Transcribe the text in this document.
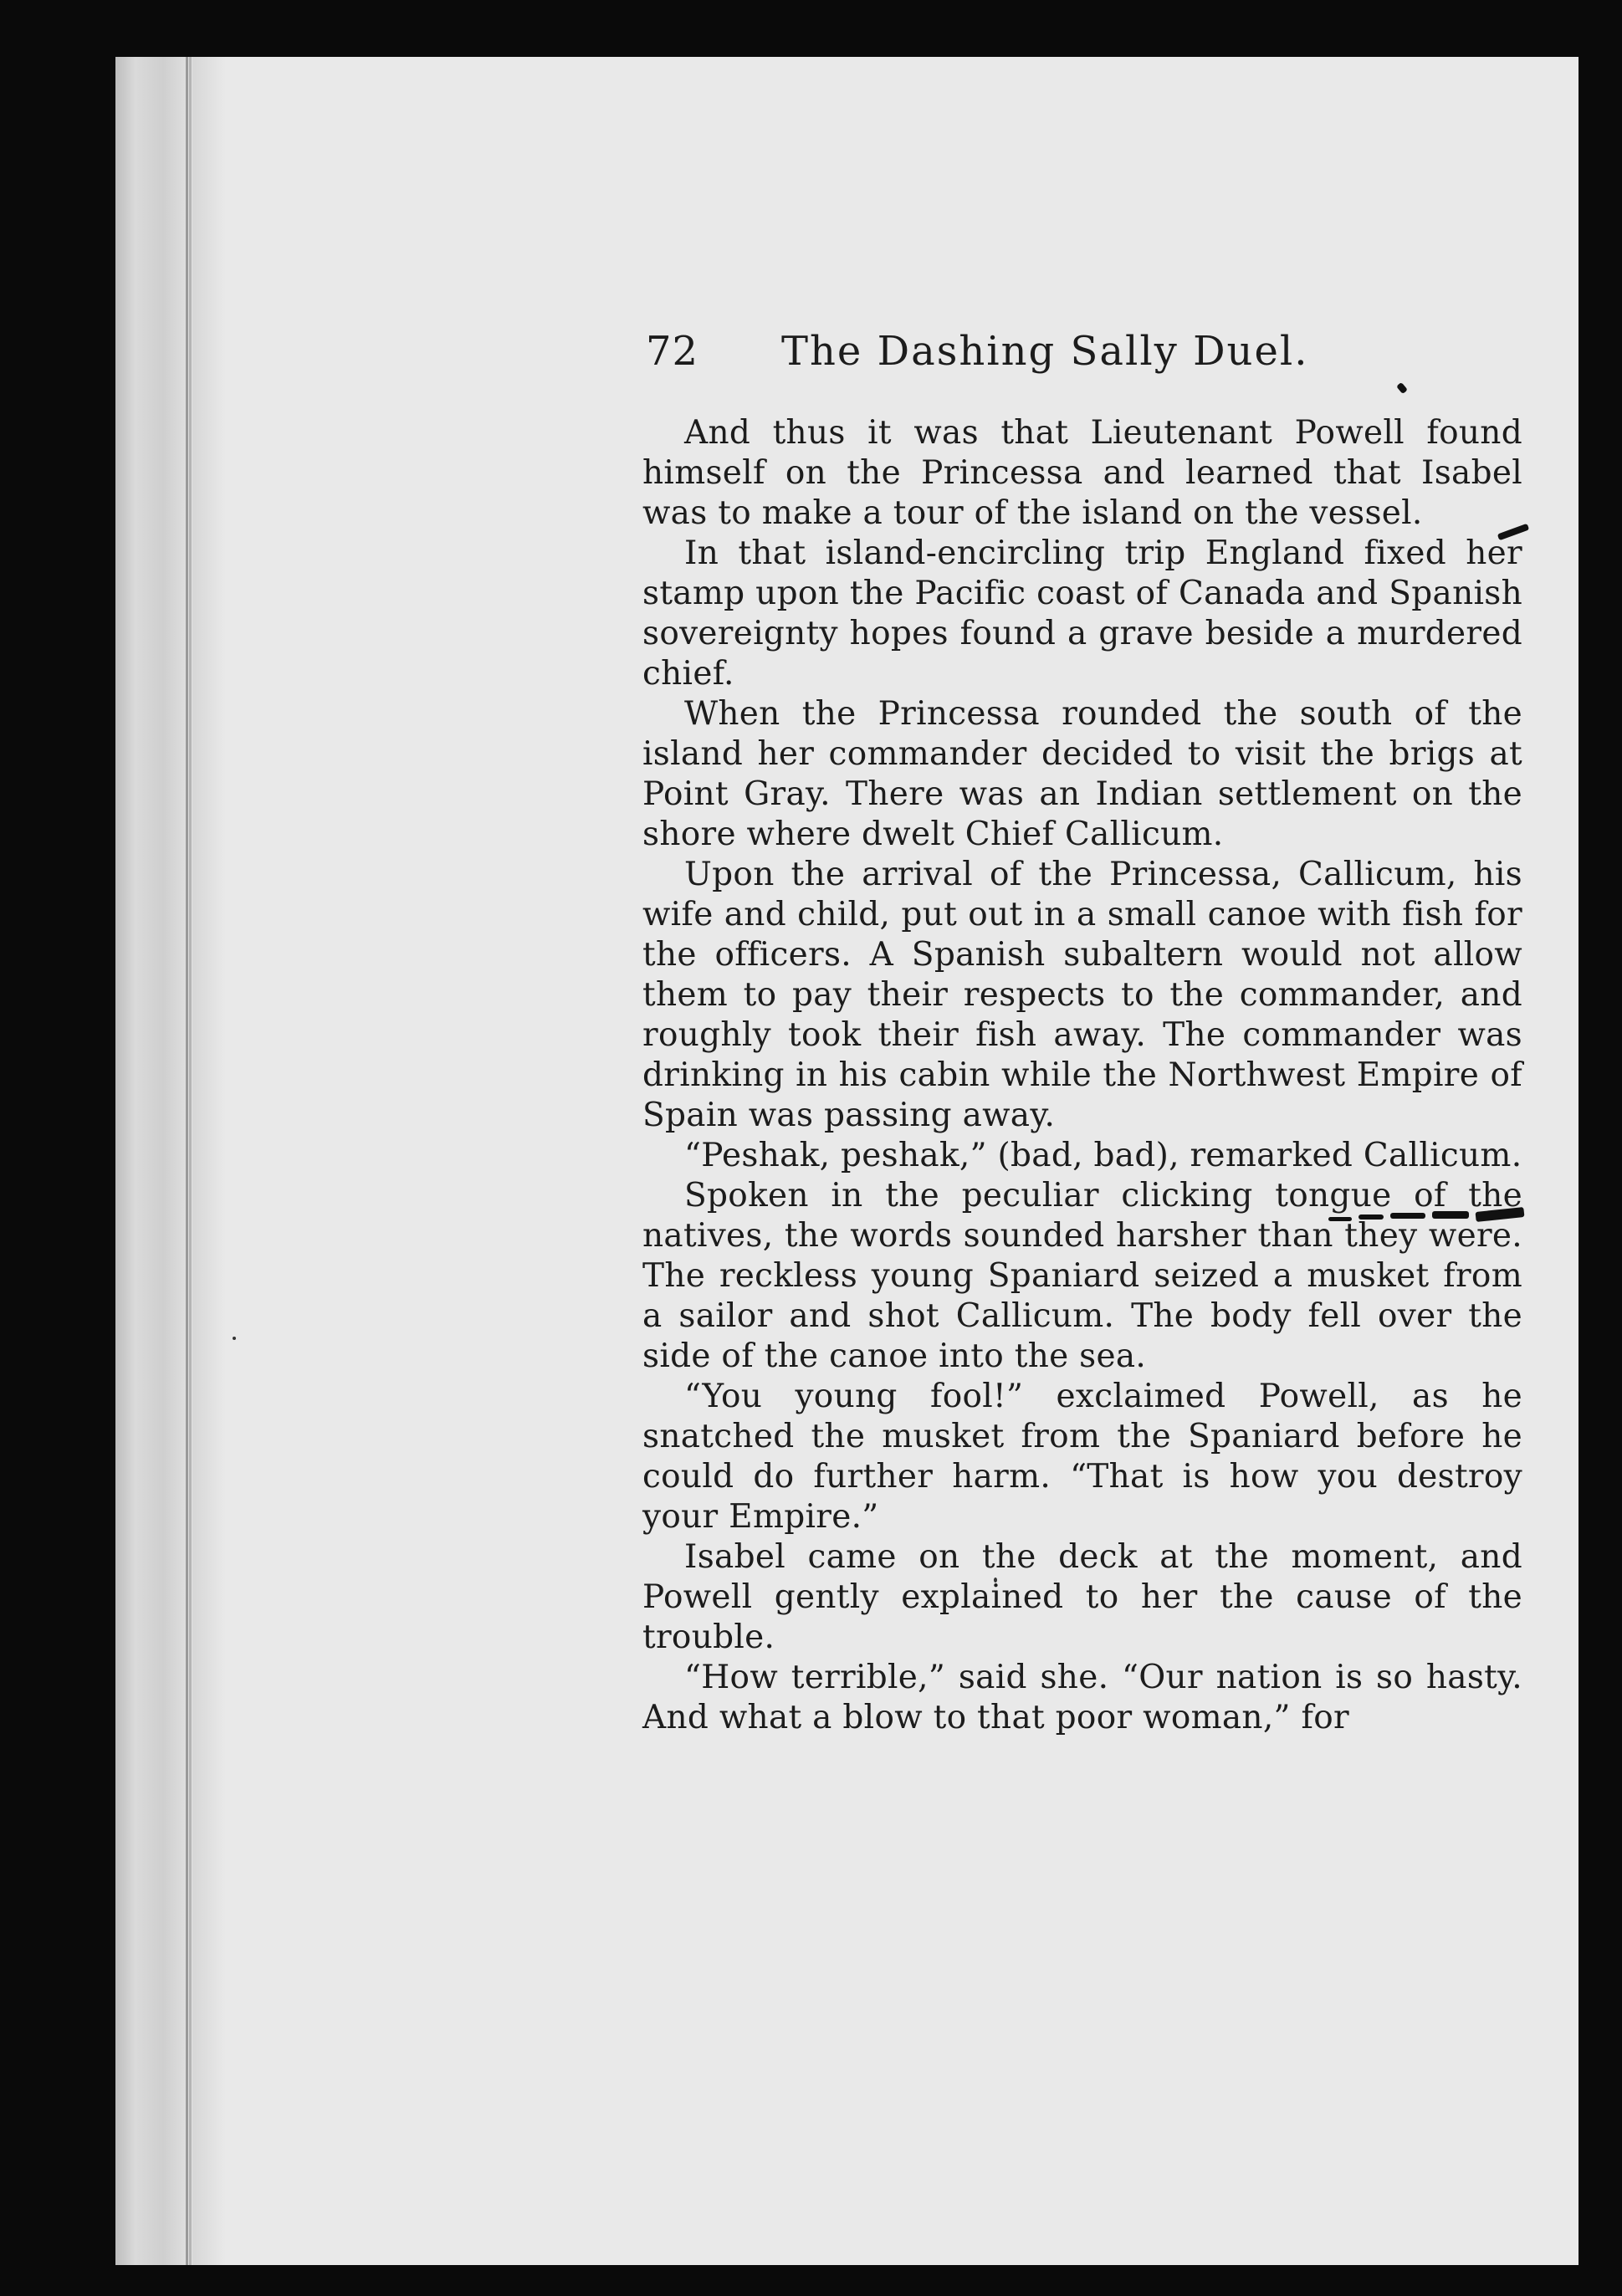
72 The Dashing Sally Duel.

And thus it was that Lieutenant Powell found himself on the Princessa and learned that Isabel was to make a tour of the island on the vessel.

In that island-encircling trip England fixed her stamp upon the Pacific coast of Canada and Spanish sovereignty hopes found a grave beside a murdered chief.

When the Princessa rounded the south of the island her commander decided to visit the brigs at Point Gray. There was an Indian settlement on the shore where dwelt Chief Callicum.

Upon the arrival of the Princessa, Callicum, his wife and child, put out in a small canoe with fish for the officers. A Spanish subaltern would not allow them to pay their respects to the commander, and roughly took their fish away. The commander was drinking in his cabin while the Northwest Empire of Spain was passing away.

“Peshak, peshak,” (bad, bad), remarked Callicum.

Spoken in the peculiar clicking tongue of the natives, the words sounded harsher than they were. The reckless young Spaniard seized a musket from a sailor and shot Callicum. The body fell over the side of the canoe into the sea.

“You young fool!” exclaimed Powell, as he snatched the musket from the Spaniard before he could do further harm. “That is how you destroy your Empire.”

Isabel came on the deck at the moment, and Powell gently explained to her the cause of the trouble.

“How terrible,” said she. “Our nation is so hasty. And what a blow to that poor woman,” for
